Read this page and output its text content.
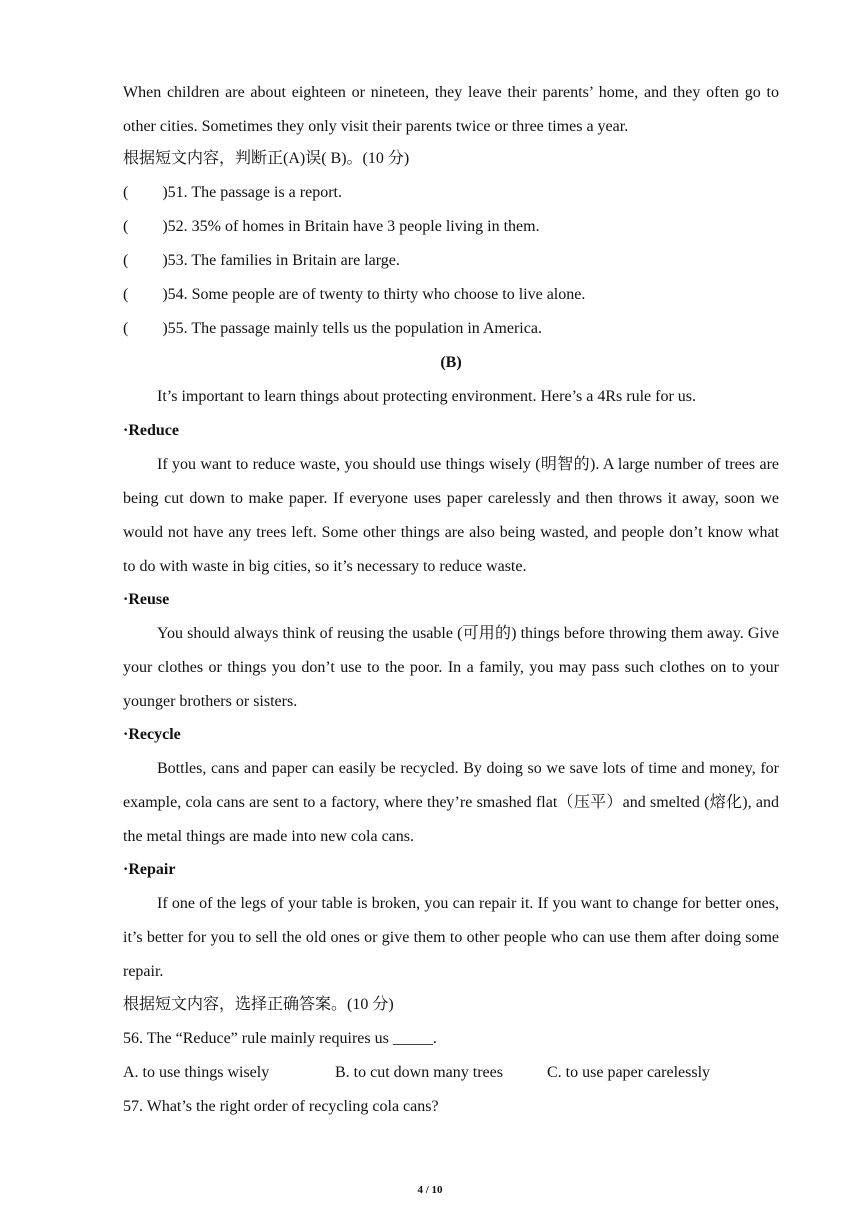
When children are about eighteen or nineteen, they leave their parents’ home, and they often go to other cities. Sometimes they only visit their parents twice or three times a year.

根据短文内容，判断正(A)误( B)。(10 分)
( )51. The passage is a report.
( )52. 35% of homes in Britain have 3 people living in them.
( )53. The families in Britain are large.
( )54. Some people are of twenty to thirty who choose to live alone.
( )55. The passage mainly tells us the population in America.
(B)

It’s important to learn things about protecting environment. Here’s a 4Rs rule for us.

·Reduce

If you want to reduce waste, you should use things wisely (明智的). A large number of trees are being cut down to make paper. If everyone uses paper carelessly and then throws it away, soon we would not have any trees left. Some other things are also being wasted, and people don’t know what to do with waste in big cities, so it’s necessary to reduce waste.

·Reuse

You should always think of reusing the usable (可用的) things before throwing them away. Give your clothes or things you don’t use to the poor. In a family, you may pass such clothes on to your younger brothers or sisters.

·Recycle

Bottles, cans and paper can easily be recycled. By doing so we save lots of time and money, for example, cola cans are sent to a factory, where they’re smashed flat（压平）and smelted (熔化), and the metal things are made into new cola cans.

·Repair

If one of the legs of your table is broken, you can repair it. If you want to change for better ones, it’s better for you to sell the old ones or give them to other people who can use them after doing some repair.

根据短文内容，选择正确答案。(10 分)
56. The “Reduce” rule mainly requires us _____.
A. to use things wisely	B. to cut down many trees	C. to use paper carelessly
57. What’s the right order of recycling cola cans?
4 / 10
